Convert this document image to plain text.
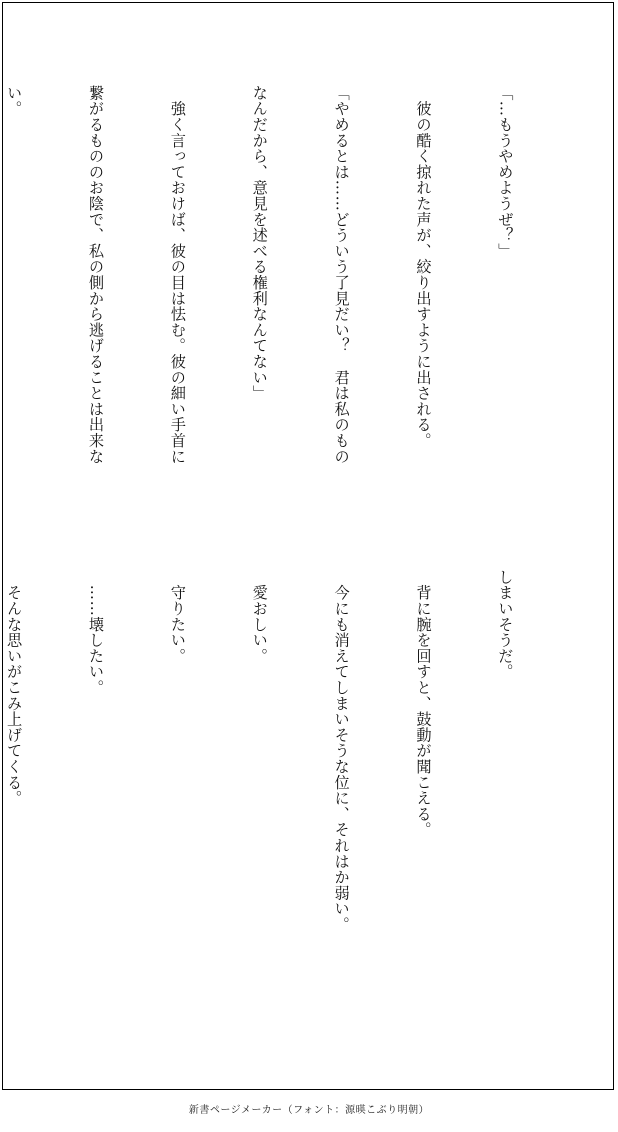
「…もうやめようぜ？」

　彼の酷く掠れた声が、絞り出すように出される。

「やめるとは……どういう了見だい？　君は私のもの

なんだから、意見を述べる権利なんてない」

　強く言っておけば、彼の目は怯む。彼の細い手首に

繋がるもののお陰で、私の側から逃げることは出来な

い。

しまいそうだ。

　背に腕を回すと、鼓動が聞こえる。

　今にも消えてしまいそうな位に、それはか弱い。

　愛おしい。

　守りたい。

　……壊したい。

　そんな思いがこみ上げてくる。

新書ページメーカー（フォント：源暎こぶり明朝）
